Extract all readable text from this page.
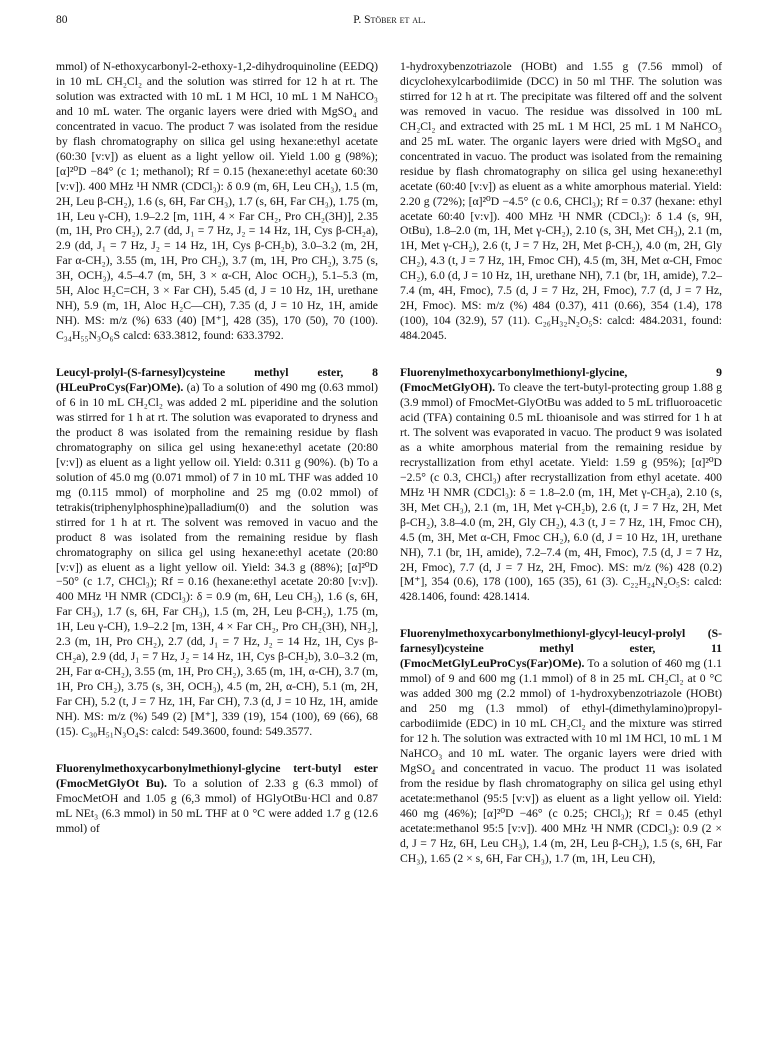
80	P. Stöber et al.

mmol) of N-ethoxycarbonyl-2-ethoxy-1,2-dihydroquinoline (EEDQ) in 10 mL CH₂Cl₂ and the solution was stirred for 12 h at rt. The solution was extracted with 10 mL 1 M HCl, 10 mL 1 M NaHCO₃ and 10 mL water. The organic layers were dried with MgSO₄ and concentrated in vacuo. The product 7 was isolated from the residue by flash chromatography on silica gel using hexane:ethyl acetate (60:30 [v:v]) as eluent as a light yellow oil. Yield 1.00 g (98%); [α]²⁰D −84° (c 1; methanol); Rf = 0.15 (hexane:ethyl acetate 60:30 [v:v]). 400 MHz ¹H NMR (CDCl₃): δ 0.9 (m, 6H, Leu CH₃), 1.5 (m, 2H, Leu β-CH₂), 1.6 (s, 6H, Far CH₃), 1.7 (s, 6H, Far CH₃), 1.75 (m, 1H, Leu γ-CH), 1.9–2.2 [m, 11H, 4 × Far CH₂, Pro CH₂(3H)], 2.35 (m, 1H, Pro CH₂), 2.7 (dd, J₁ = 7 Hz, J₂ = 14 Hz, 1H, Cys β-CH₂a), 2.9 (dd, J₁ = 7 Hz, J₂ = 14 Hz, 1H, Cys β-CH₂b), 3.0–3.2 (m, 2H, Far α-CH₂), 3.55 (m, 1H, Pro CH₂), 3.7 (m, 1H, Pro CH₂), 3.75 (s, 3H, OCH₃), 4.5–4.7 (m, 5H, 3 × α-CH, Aloc OCH₂), 5.1–5.3 (m, 5H, Aloc H₂C=CH, 3 × Far CH), 5.45 (d, J = 10 Hz, 1H, urethane NH), 5.9 (m, 1H, Aloc H₂C—CH), 7.35 (d, J = 10 Hz, 1H, amide NH). MS: m/z (%) 633 (40) [M⁺], 428 (35), 170 (50), 70 (100). C₃₄H₅₅N₃O₆S calcd: 633.3812, found: 633.3792.

Leucyl-prolyl-(S-farnesyl)cysteine methyl ester, 8 (HLeuProCys(Far)OMe). (a) To a solution of 490 mg (0.63 mmol) of 6 in 10 mL CH₂Cl₂ was added 2 mL piperidine and the solution was stirred for 1 h at rt. The solution was evaporated to dryness and the product 8 was isolated from the remaining residue by flash chromatography on silica gel using hexane:ethyl acetate (20:80 [v:v]) as eluent as a light yellow oil. Yield: 0.311 g (90%). (b) To a solution of 45.0 mg (0.071 mmol) of 7 in 10 mL THF was added 10 mg (0.115 mmol) of morpholine and 25 mg (0.02 mmol) of tetrakis(triphenylphosphine)palladium(0) and the solution was stirred for 1 h at rt. The solvent was removed in vacuo and the product 8 was isolated from the remaining residue by flash chromatography on silica gel using hexane:ethyl acetate (20:80 [v:v]) as eluent as a light yellow oil. Yield: 34.3 g (88%); [α]²⁰D −50° (c 1.7, CHCl₃); Rf = 0.16 (hexane:ethyl acetate 20:80 [v:v]). 400 MHz ¹H NMR (CDCl₃): δ = 0.9 (m, 6H, Leu CH₃), 1.6 (s, 6H, Far CH₃), 1.7 (s, 6H, Far CH₃), 1.5 (m, 2H, Leu β-CH₂), 1.75 (m, 1H, Leu γ-CH), 1.9–2.2 [m, 13H, 4 × Far CH₂, Pro CH₂(3H), NH₂], 2.3 (m, 1H, Pro CH₂), 2.7 (dd, J₁ = 7 Hz, J₂ = 14 Hz, 1H, Cys β-CH₂a), 2.9 (dd, J₁ = 7 Hz, J₂ = 14 Hz, 1H, Cys β-CH₂b), 3.0–3.2 (m, 2H, Far α-CH₂), 3.55 (m, 1H, Pro CH₂), 3.65 (m, 1H, α-CH), 3.7 (m, 1H, Pro CH₂), 3.75 (s, 3H, OCH₃), 4.5 (m, 2H, α-CH), 5.1 (m, 2H, Far CH), 5.2 (t, J = 7 Hz, 1H, Far CH), 7.3 (d, J = 10 Hz, 1H, amide NH). MS: m/z (%) 549 (2) [M⁺], 339 (19), 154 (100), 69 (66), 68 (15). C₃₀H₅₁N₃O₄S: calcd: 549.3600, found: 549.3577.

Fluorenylmethoxycarbonylmethionyl-glycine tert-butyl ester (FmocMetGlyOt Bu). To a solution of 2.33 g (6.3 mmol) of FmocMetOH and 1.05 g (6,3 mmol) of HGlyOtBu·HCl and 0.87 mL NEt₃ (6.3 mmol) in 50 mL THF at 0 °C were added 1.7 g (12.6 mmol) of

1-hydroxybenzotriazole (HOBt) and 1.55 g (7.56 mmol) of dicyclohexylcarbodiimide (DCC) in 50 ml THF. The solution was stirred for 12 h at rt. The precipitate was filtered off and the solvent was removed in vacuo. The residue was dissolved in 100 mL CH₂Cl₂ and extracted with 25 mL 1 M HCl, 25 mL 1 M NaHCO₃ and 25 mL water. The organic layers were dried with MgSO₄ and concentrated in vacuo. The product was isolated from the remaining residue by flash chromatography on silica gel using hexane:ethyl acetate (60:40 [v:v]) as eluent as a white amorphous material. Yield: 2.20 g (72%); [α]²⁰D −4.5° (c 0.6, CHCl₃); Rf = 0.37 (hexane: ethyl acetate 60:40 [v:v]). 400 MHz ¹H NMR (CDCl₃): δ 1.4 (s, 9H, OtBu), 1.8–2.0 (m, 1H, Met γ-CH₂), 2.10 (s, 3H, Met CH₃), 2.1 (m, 1H, Met γ-CH₂), 2.6 (t, J = 7 Hz, 2H, Met β-CH₂), 4.0 (m, 2H, Gly CH₂), 4.3 (t, J = 7 Hz, 1H, Fmoc CH), 4.5 (m, 3H, Met α-CH, Fmoc CH₂), 6.0 (d, J = 10 Hz, 1H, urethane NH), 7.1 (br, 1H, amide), 7.2–7.4 (m, 4H, Fmoc), 7.5 (d, J = 7 Hz, 2H, Fmoc), 7.7 (d, J = 7 Hz, 2H, Fmoc). MS: m/z (%) 484 (0.37), 411 (0.66), 354 (1.4), 178 (100), 104 (32.9), 57 (11). C₂₆H₃₂N₂O₅S: calcd: 484.2031, found: 484.2045.

Fluorenylmethoxycarbonylmethionyl-glycine, 9 (FmocMetGlyOH). To cleave the tert-butyl-protecting group 1.88 g (3.9 mmol) of FmocMet-GlyOtBu was added to 5 mL trifluoroacetic acid (TFA) containing 0.5 mL thioanisole and was stirred for 1 h at rt. The solvent was evaporated in vacuo. The product 9 was isolated as a white amorphous material from the remaining residue by recrystallization from ethyl acetate. Yield: 1.59 g (95%); [α]²⁰D −2.5° (c 0.3, CHCl₃) after recrystallization from ethyl acetate. 400 MHz ¹H NMR (CDCl₃): δ = 1.8–2.0 (m, 1H, Met γ-CH₂a), 2.10 (s, 3H, Met CH₃), 2.1 (m, 1H, Met γ-CH₂b), 2.6 (t, J = 7 Hz, 2H, Met β-CH₂), 3.8–4.0 (m, 2H, Gly CH₂), 4.3 (t, J = 7 Hz, 1H, Fmoc CH), 4.5 (m, 3H, Met α-CH, Fmoc CH₂), 6.0 (d, J = 10 Hz, 1H, urethane NH), 7.1 (br, 1H, amide), 7.2–7.4 (m, 4H, Fmoc), 7.5 (d, J = 7 Hz, 2H, Fmoc), 7.7 (d, J = 7 Hz, 2H, Fmoc). MS: m/z (%) 428 (0.2) [M⁺], 354 (0.6), 178 (100), 165 (35), 61 (3). C₂₂H₂₄N₂O₅S: calcd: 428.1406, found: 428.1414.

Fluorenylmethoxycarbonylmethionyl-glycyl-leucyl-prolyl (S-farnesyl)cysteine methyl ester, 11 (FmocMetGlyLeuProCys(Far)OMe). To a solution of 460 mg (1.1 mmol) of 9 and 600 mg (1.1 mmol) of 8 in 25 mL CH₂Cl₂ at 0 °C was added 300 mg (2.2 mmol) of 1-hydroxybenzotriazole (HOBt) and 250 mg (1.3 mmol) of ethyl-(dimethylamino)propyl-carbodiimide (EDC) in 10 mL CH₂Cl₂ and the mixture was stirred for 12 h. The solution was extracted with 10 ml 1M HCl, 10 mL 1 M NaHCO₃ and 10 mL water. The organic layers were dried with MgSO₄ and concentrated in vacuo. The product 11 was isolated from the residue by flash chromatography on silica gel using ethyl acetate:methanol (95:5 [v:v]) as eluent as a light yellow oil. Yield: 460 mg (46%); [α]²⁰D −46° (c 0.25; CHCl₃); Rf = 0.45 (ethyl acetate:methanol 95:5 [v:v]). 400 MHz ¹H NMR (CDCl₃): 0.9 (2 × d, J = 7 Hz, 6H, Leu CH₃), 1.4 (m, 2H, Leu β-CH₂), 1.5 (s, 6H, Far CH₃), 1.65 (2 × s, 6H, Far CH₃), 1.7 (m, 1H, Leu CH),
